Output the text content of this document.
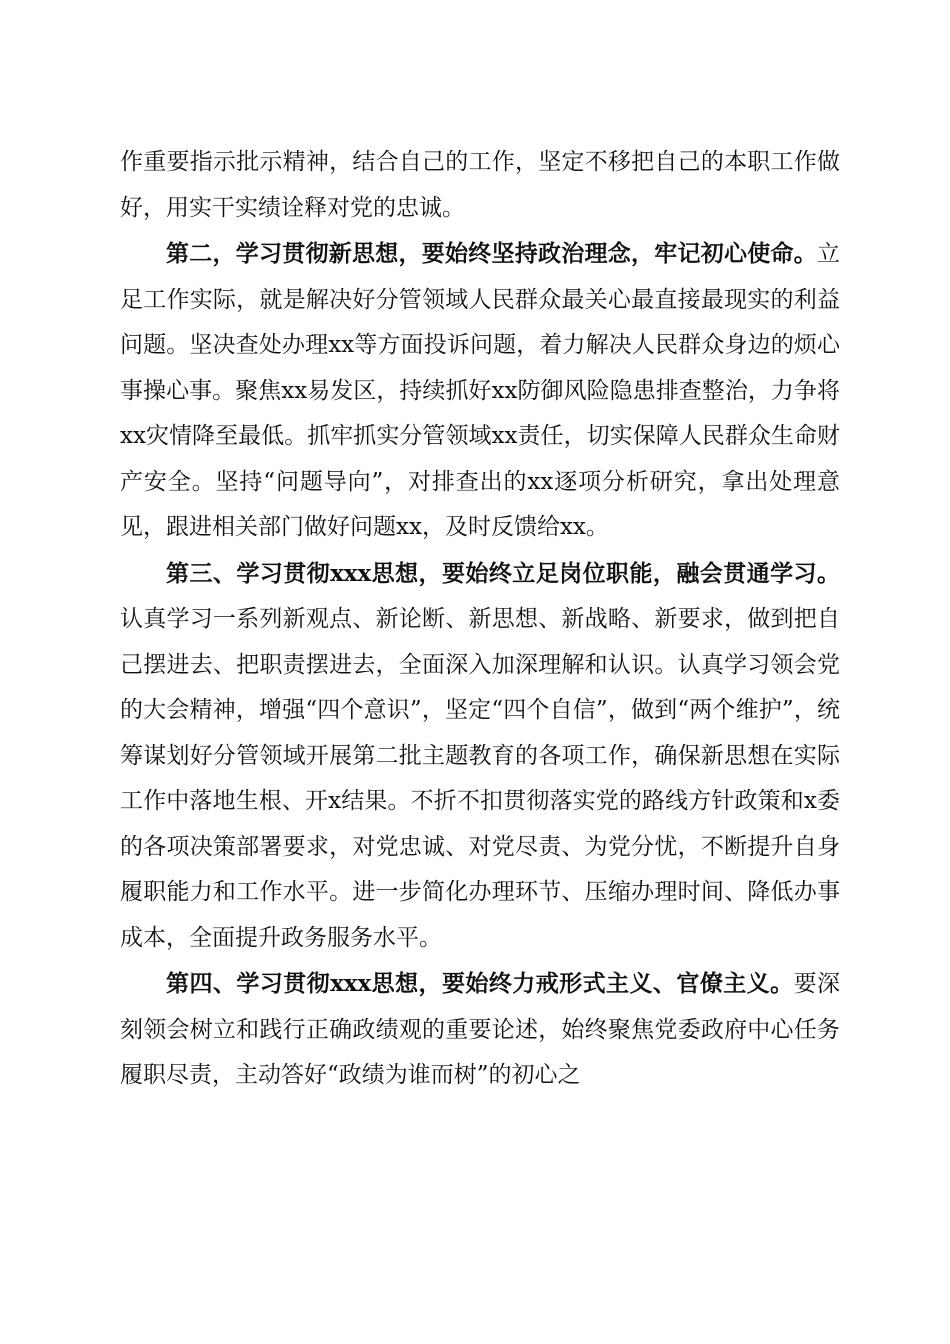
作重要指示批示精神，结合自己的工作，坚定不移把自己的本职工作做好，用实干实绩诠释对党的忠诚。

第二，学习贯彻新思想，要始终坚持政治理念，牢记初心使命。立足工作实际，就是解决好分管领域人民群众最关心最直接最现实的利益问题。坚决查处办理xx等方面投诉问题，着力解决人民群众身边的烦心事操心事。聚焦xx易发区，持续抓好xx防御风险隐患排查整治，力争将xx灾情降至最低。抓牢抓实分管领域xx责任，切实保障人民群众生命财产安全。坚持“问题导向”，对排查出的xx逐项分析研究，拿出处理意见，跟进相关部门做好问题xx，及时反馈给xx。

第三、学习贯彻xxx思想，要始终立足岗位职能，融会贯通学习。认真学习一系列新观点、新论断、新思想、新战略、新要求，做到把自己摆进去、把职责摆进去，全面深入加深理解和认识。认真学习领会党的大会精神，增强“四个意识”，坚定“四个自信”，做到“两个维护”，统筹谋划好分管领域开展第二批主题教育的各项工作，确保新思想在实际工作中落地生根、开x结果。不折不扣贯彻落实党的路线方针政策和x委的各项决策部署要求，对党忠诚、对党尽责、为党分忧，不断提升自身履职能力和工作水平。进一步简化办理环节、压缩办理时间、降低办事成本，全面提升政务服务水平。

第四、学习贯彻xxx思想，要始终力戒形式主义、官僚主义。要深刻领会树立和践行正确政绩观的重要论述，始终聚焦党委政府中心任务履职尽责，主动答好“政绩为谁而树”的初心之
